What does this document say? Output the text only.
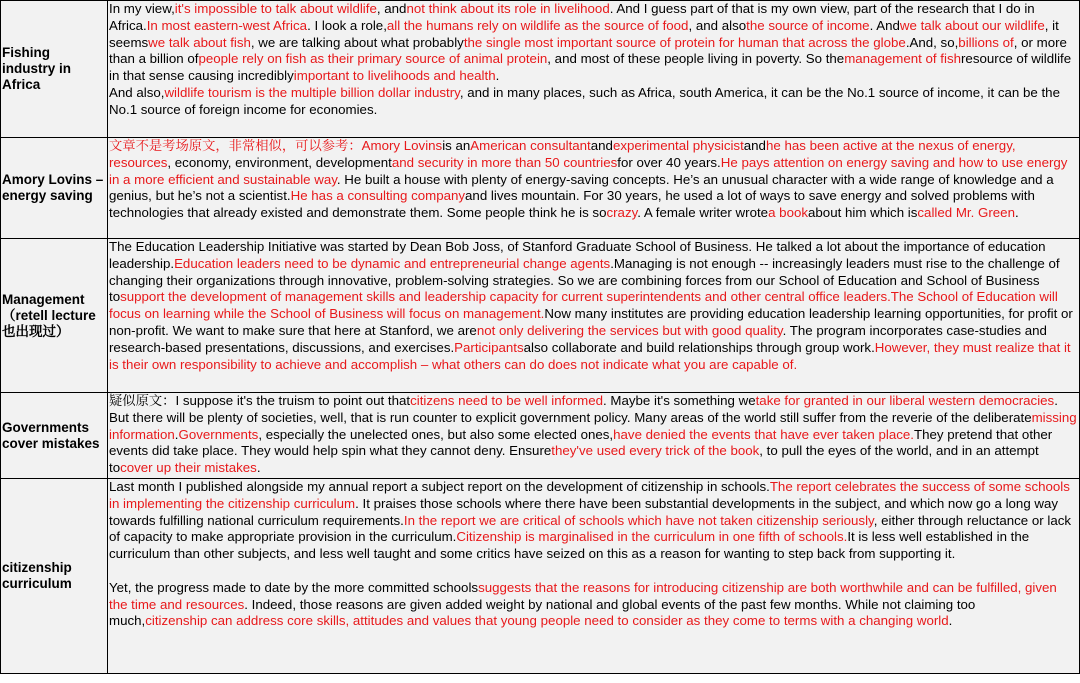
Fishing industry in Africa	In my view,it's impossible to talk about wildlife, andnot think about its role in livelihood. And I guess part of that is my own view, part of the research that I do in Africa.In most eastern-west Africa. I look a role,all the humans rely on wildlife as the source of food, and alsothe source of income. Andwe talk about our wildlife, it seemswe talk about fish, we are talking about what probablythe single most important source of protein for human that across the globe.And, so,billions of, or more than a billion ofpeople rely on fish as their primary source of animal protein, and most of these people living in poverty. So themanagement of fishresource of wildlife in that sense causing incrediblyimportant to livelihoods and health.
And also,wildlife tourism is the multiple billion dollar industry, and in many places, such as Africa, south America, it can be the No.1 source of income, it can be the No.1 source of foreign income for economies.

Amory Lovins – energy saving	文章不是考场原文，非常相似，可以参考：Amory Lovinsis anAmerican consultantandexperimental physicistandhe has been active at the nexus of energy, resources, economy, environment, developmentand security in more than 50 countriesfor over 40 years.He pays attention on energy saving and how to use energy in a more efficient and sustainable way. He built a house with plenty of energy-saving concepts. He’s an unusual character with a wide range of knowledge and a genius, but he’s not a scientist.He has a consulting companyand lives mountain. For 30 years, he used a lot of ways to save energy and solved problems with technologies that already existed and demonstrate them. Some people think he is socrazy. A female writer wrotea bookabout him which iscalled Mr. Green.

Management（retell lecture也出现过）	The Education Leadership Initiative was started by Dean Bob Joss, of Stanford Graduate School of Business. He talked a lot about the importance of education leadership.Education leaders need to be dynamic and entrepreneurial change agents.Managing is not enough -- increasingly leaders must rise to the challenge of changing their organizations through innovative, problem-solving strategies. So we are combining forces from our School of Education and School of Business tosupport the development of management skills and leadership capacity for current superintendents and other central office leaders.The School of Education will focus on learning while the School of Business will focus on management.Now many institutes are providing education leadership learning opportunities, for profit or non-profit. We want to make sure that here at Stanford, we arenot only delivering the services but with good quality. The program incorporates case-studies and research-based presentations, discussions, and exercises.Participantsalso collaborate and build relationships through group work.However, they must realize that it is their own responsibility to achieve and accomplish – what others can do does not indicate what you are capable of.

Governments cover mistakes	疑似原文：I suppose it's the truism to point out thatcitizens need to be well informed. Maybe it's something wetake for granted in our liberal western democracies. But there will be plenty of societies, well, that is run counter to explicit government policy. Many areas of the world still suffer from the reverie of the deliberatemissing information.Governments, especially the unelected ones, but also some elected ones,have denied the events that have ever taken place.They pretend that other events did take place. They would help spin what they cannot deny. Ensurethey've used every trick of the book, to pull the eyes of the world, and in an attempt tocover up their mistakes.

citizenship curriculum	Last month I published alongside my annual report a subject report on the development of citizenship in schools.The report celebrates the success of some schools in implementing the citizenship curriculum. It praises those schools where there have been substantial developments in the subject, and which now go a long way towards fulfilling national curriculum requirements.In the report we are critical of schools which have not taken citizenship seriously, either through reluctance or lack of capacity to make appropriate provision in the curriculum.Citizenship is marginalised in the curriculum in one fifth of schools.It is less well established in the curriculum than other subjects, and less well taught and some critics have seized on this as a reason for wanting to step back from supporting it.
Yet, the progress made to date by the more committed schoolssuggests that the reasons for introducing citizenship are both worthwhile and can be fulfilled, given the time and resources. Indeed, those reasons are given added weight by national and global events of the past few months. While not claiming too much,citizenship can address core skills, attitudes and values that young people need to consider as they come to terms with a changing world.
